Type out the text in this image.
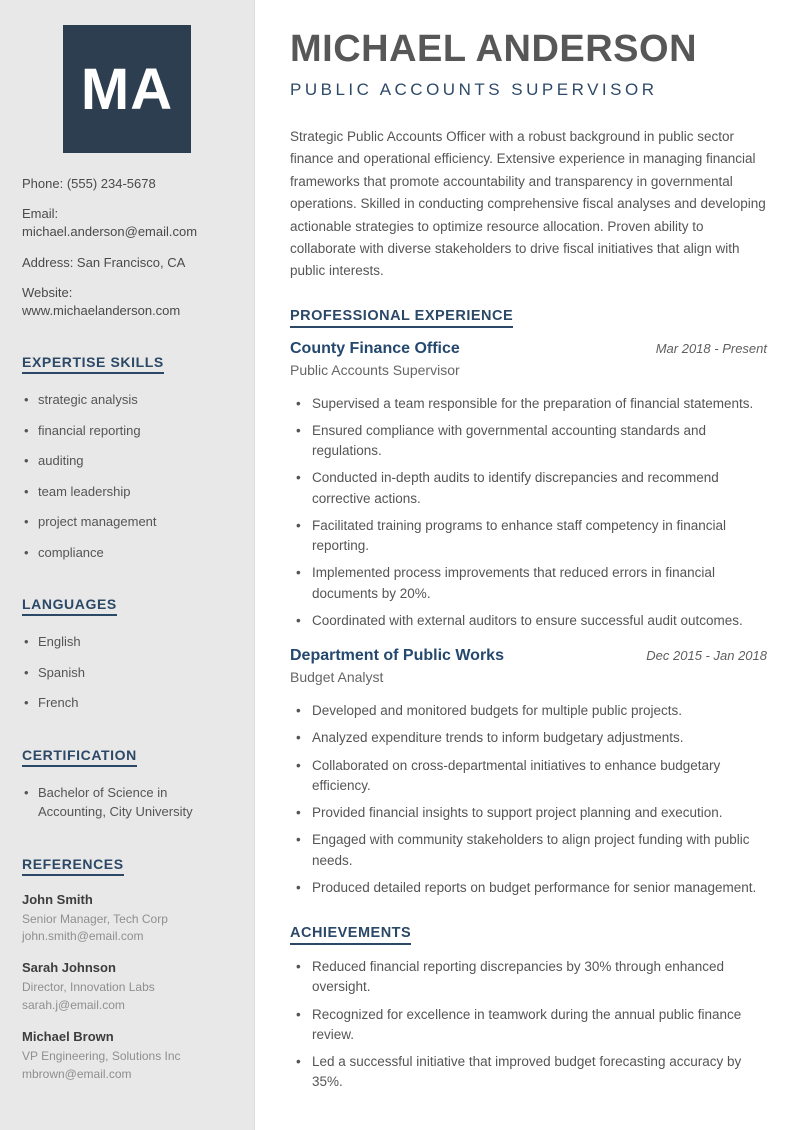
MA

Phone: (555) 234-5678

Email: michael.anderson@email.com

Address: San Francisco, CA

Website: www.michaelanderson.com

EXPERTISE SKILLS
• strategic analysis
• financial reporting
• auditing
• team leadership
• project management
• compliance
LANGUAGES
• English
• Spanish
• French
CERTIFICATION
• Bachelor of Science in Accounting, City University
REFERENCES

John Smith

Senior Manager, Tech Corp

john.smith@email.com

Sarah Johnson

Director, Innovation Labs

sarah.j@email.com

Michael Brown

VP Engineering, Solutions Inc

mbrown@email.com

MICHAEL ANDERSON
PUBLIC ACCOUNTS SUPERVISOR

Strategic Public Accounts Officer with a robust background in public sector finance and operational efficiency. Extensive experience in managing financial frameworks that promote accountability and transparency in governmental operations. Skilled in conducting comprehensive fiscal analyses and developing actionable strategies to optimize resource allocation. Proven ability to collaborate with diverse stakeholders to drive fiscal initiatives that align with public interests.

PROFESSIONAL EXPERIENCE
County Finance Office	Mar 2018 - Present

Public Accounts Supervisor

• Supervised a team responsible for the preparation of financial statements.
• Ensured compliance with governmental accounting standards and regulations.
• Conducted in-depth audits to identify discrepancies and recommend corrective actions.
• Facilitated training programs to enhance staff competency in financial reporting.
• Implemented process improvements that reduced errors in financial documents by 20%.
• Coordinated with external auditors to ensure successful audit outcomes.
Department of Public Works	Dec 2015 - Jan 2018

Budget Analyst

• Developed and monitored budgets for multiple public projects.
• Analyzed expenditure trends to inform budgetary adjustments.
• Collaborated on cross-departmental initiatives to enhance budgetary efficiency.
• Provided financial insights to support project planning and execution.
• Engaged with community stakeholders to align project funding with public needs.
• Produced detailed reports on budget performance for senior management.
ACHIEVEMENTS
• Reduced financial reporting discrepancies by 30% through enhanced oversight.
• Recognized for excellence in teamwork during the annual public finance review.
• Led a successful initiative that improved budget forecasting accuracy by 35%.
